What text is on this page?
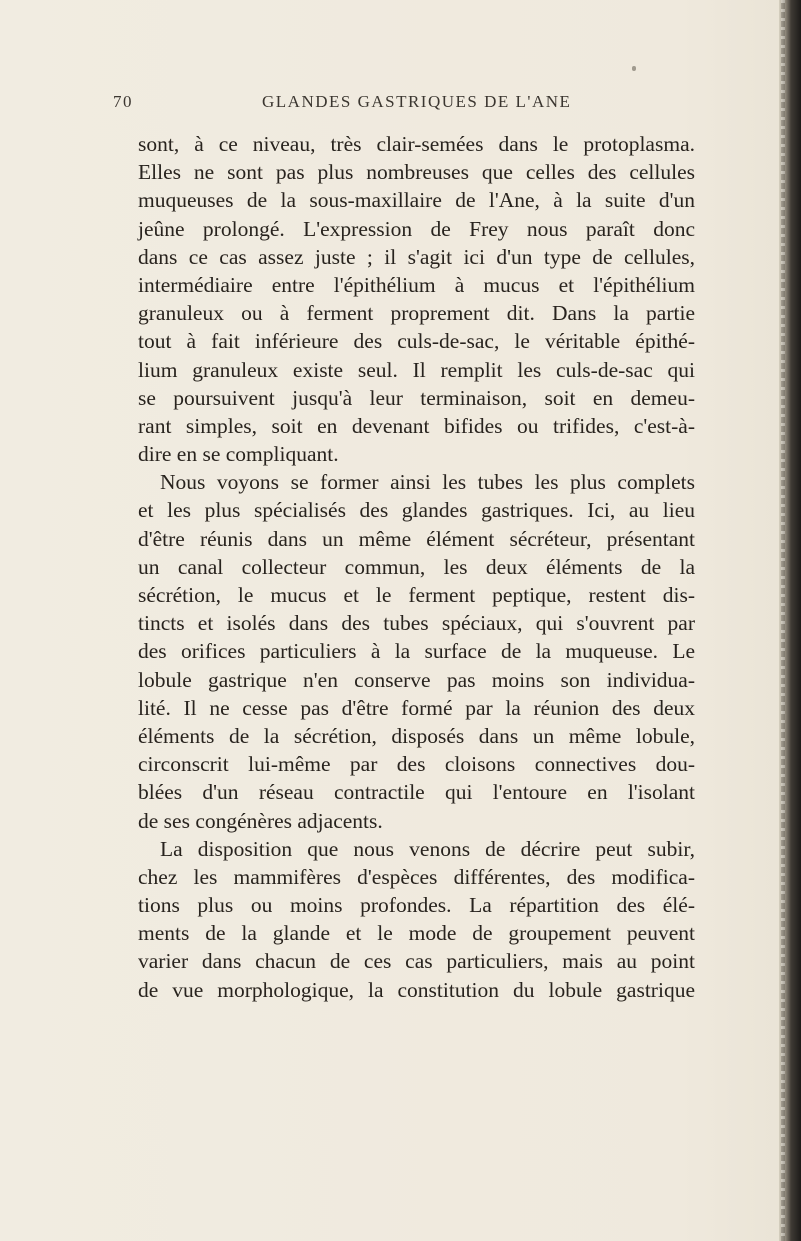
70	GLANDES GASTRIQUES DE L'ANE
sont, à ce niveau, très clair-semées dans le protoplasma.
Elles ne sont pas plus nombreuses que celles des cellules
muqueuses de la sous-maxillaire de l'Ane, à la suite d'un
jeûne prolongé. L'expression de Frey nous paraît donc
dans ce cas assez juste ; il s'agit ici d'un type de cellules,
intermédiaire entre l'épithélium à mucus et l'épithélium
granuleux ou à ferment proprement dit. Dans la partie
tout à fait inférieure des culs-de-sac, le véritable épithé-
lium granuleux existe seul. Il remplit les culs-de-sac qui
se poursuivent jusqu'à leur terminaison, soit en demeu-
rant simples, soit en devenant bifides ou trifides, c'est-à-
dire en se compliquant.
Nous voyons se former ainsi les tubes les plus complets
et les plus spécialisés des glandes gastriques. Ici, au lieu
d'être réunis dans un même élément sécréteur, présentant
un canal collecteur commun, les deux éléments de la
sécrétion, le mucus et le ferment peptique, restent dis-
tincts et isolés dans des tubes spéciaux, qui s'ouvrent par
des orifices particuliers à la surface de la muqueuse. Le
lobule gastrique n'en conserve pas moins son individua-
lité. Il ne cesse pas d'être formé par la réunion des deux
éléments de la sécrétion, disposés dans un même lobule,
circonscrit lui-même par des cloisons connectives dou-
blées d'un réseau contractile qui l'entoure en l'isolant
de ses congénères adjacents.
La disposition que nous venons de décrire peut subir,
chez les mammifères d'espèces différentes, des modifica-
tions plus ou moins profondes. La répartition des élé-
ments de la glande et le mode de groupement peuvent
varier dans chacun de ces cas particuliers, mais au point
de vue morphologique, la constitution du lobule gastrique
